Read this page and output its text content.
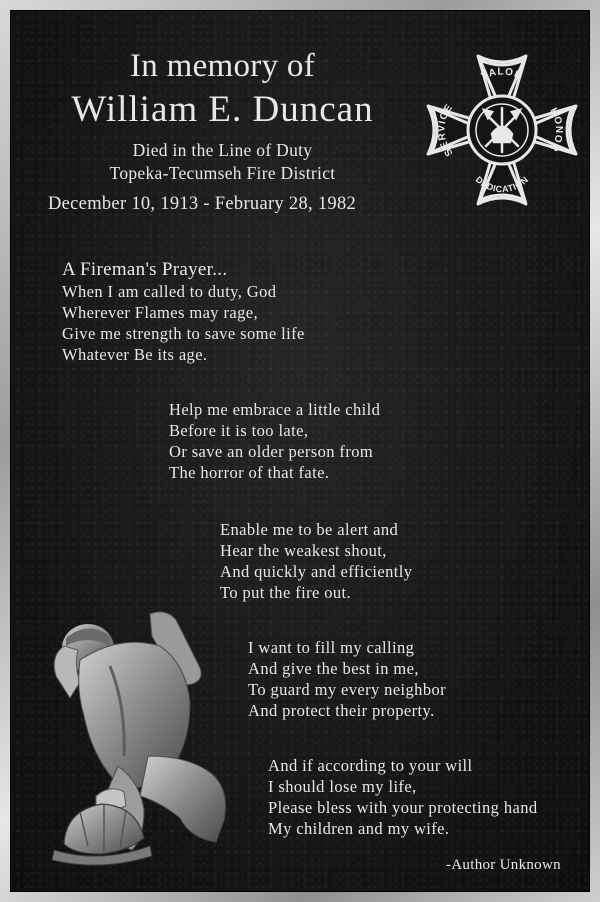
In memory of
William E. Duncan
Died in the Line of Duty
Topeka-Tecumseh Fire District
December 10, 1913 - February 28, 1982
VALOR
HONOR
DEDICATION
SERVICE
A Fireman's Prayer...
When I am called to duty, God
Wherever Flames may rage,
Give me strength to save some life
Whatever Be its age.
Help me embrace a little child
Before it is too late,
Or save an older person from
The horror of that fate.
Enable me to be alert and
Hear the weakest shout,
And quickly and efficiently
To put the fire out.
I want to fill my calling
And give the best in me,
To guard my every neighbor
And protect their property.
And if according to your will
I should lose my life,
Please bless with your protecting hand
My children and my wife.
-Author Unknown
